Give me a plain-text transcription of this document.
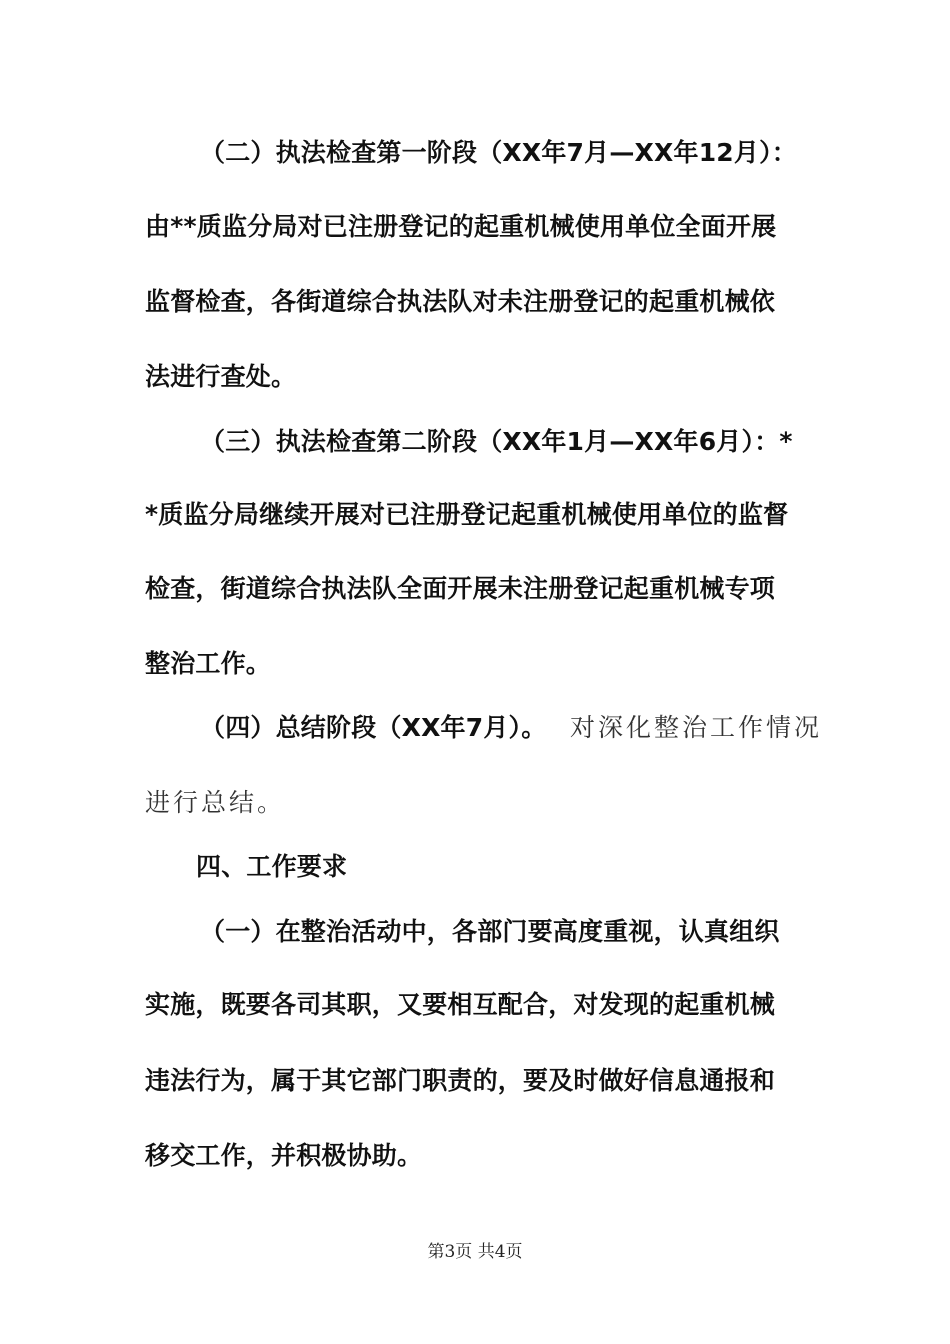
（二）执法检查第一阶段（XX年7月—XX年12月）：

由**质监分局对已注册登记的起重机械使用单位全面开展

监督检查，各街道综合执法队对未注册登记的起重机械依

法进行查处。

（三）执法检查第二阶段（XX年1月—XX年6月）：*

*质监分局继续开展对已注册登记起重机械使用单位的监督

检查，街道综合执法队全面开展未注册登记起重机械专项

整治工作。

（四）总结阶段（XX年7月）。 对深化整治工作情况

进行总结。

四、工作要求

（一）在整治活动中，各部门要高度重视，认真组织

实施，既要各司其职，又要相互配合，对发现的起重机械

违法行为，属于其它部门职责的，要及时做好信息通报和

移交工作，并积极协助。

第3页 共4页
